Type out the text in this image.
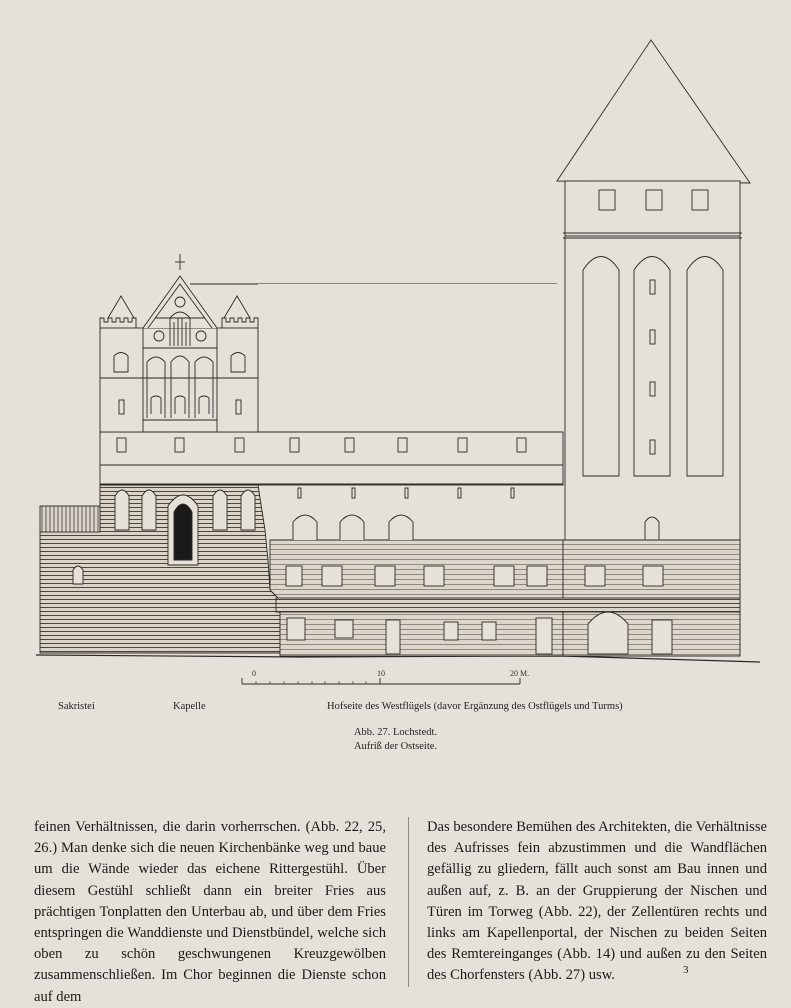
0	10	20 M.
Sakristei	Kapelle	Hofseite des Westflügels (davor Ergänzung des Ostflügels und Turms)
Abb. 27. Lochstedt.
Aufriß der Ostseite.

feinen Verhältnissen, die darin vorherrschen. (Abb. 22, 25, 26.) Man denke sich die neuen Kirchenbänke weg und baue um die Wände wieder das eichene Rittergestühl. Über diesem Gestühl schließt dann ein breiter Fries aus prächtigen Tonplatten den Unterbau ab, und über dem Fries entspringen die Wanddienste und Dienstbündel, welche sich oben zu schön geschwungenen Kreuzgewölben zusammenschließen. Im Chor beginnen die Dienste schon auf dem

Das besondere Bemühen des Architekten, die Verhältnisse des Aufrisses fein abzustimmen und die Wandflächen gefällig zu gliedern, fällt auch sonst am Bau innen und außen auf, z. B. an der Gruppierung der Nischen und Türen im Torweg (Abb. 22), der Zellentüren rechts und links am Kapellenportal, der Nischen zu beiden Seiten des Remtereinganges (Abb. 14) und außen zu den Seiten des Chorfensters (Abb. 27) usw.	3
